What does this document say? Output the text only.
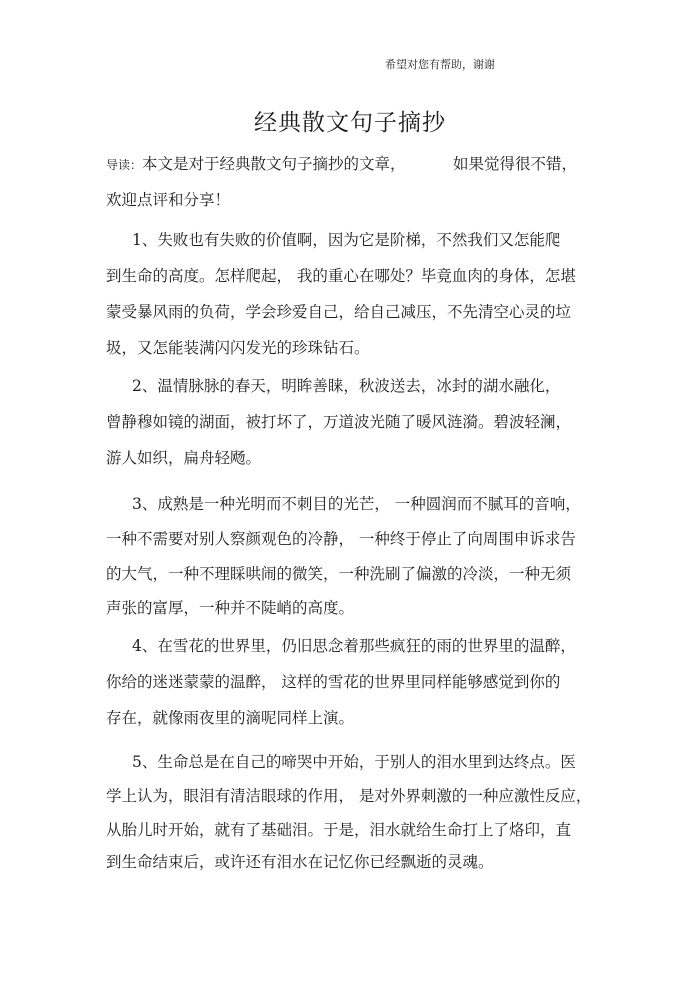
希望对您有帮助，谢谢
经典散文句子摘抄
导读：本文是对于经典散文句子摘抄的文章，	如果觉得很不错，
欢迎点评和分享！
1、失败也有失败的价值啊，因为它是阶梯，不然我们又怎能爬
到生命的高度。怎样爬起， 我的重心在哪处？毕竟血肉的身体，怎堪
蒙受暴风雨的负荷，学会珍爱自己，给自己减压，不先清空心灵的垃
圾，又怎能装满闪闪发光的珍珠钻石。
2、温情脉脉的春天，明眸善睐，秋波送去，冰封的湖水融化，
曾静穆如镜的湖面，被打坏了，万道波光随了暖风涟漪。碧波轻澜，
游人如织，扁舟轻飏。
3、成熟是一种光明而不刺目的光芒， 一种圆润而不腻耳的音响，
一种不需要对别人察颜观色的冷静， 一种终于停止了向周围申诉求告
的大气，一种不理睬哄闹的微笑，一种洗刷了偏激的冷淡，一种无须
声张的富厚，一种并不陡峭的高度。
4、在雪花的世界里，仍旧思念着那些疯狂的雨的世界里的温醉，
你给的迷迷蒙蒙的温醉， 这样的雪花的世界里同样能够感觉到你的
存在，就像雨夜里的滴呢同样上演。
5、生命总是在自己的啼哭中开始，于别人的泪水里到达终点。医
学上认为，眼泪有清洁眼球的作用， 是对外界刺激的一种应激性反应，
从胎儿时开始，就有了基础泪。于是，泪水就给生命打上了烙印，直
到生命结束后，或许还有泪水在记忆你已经飘逝的灵魂。
